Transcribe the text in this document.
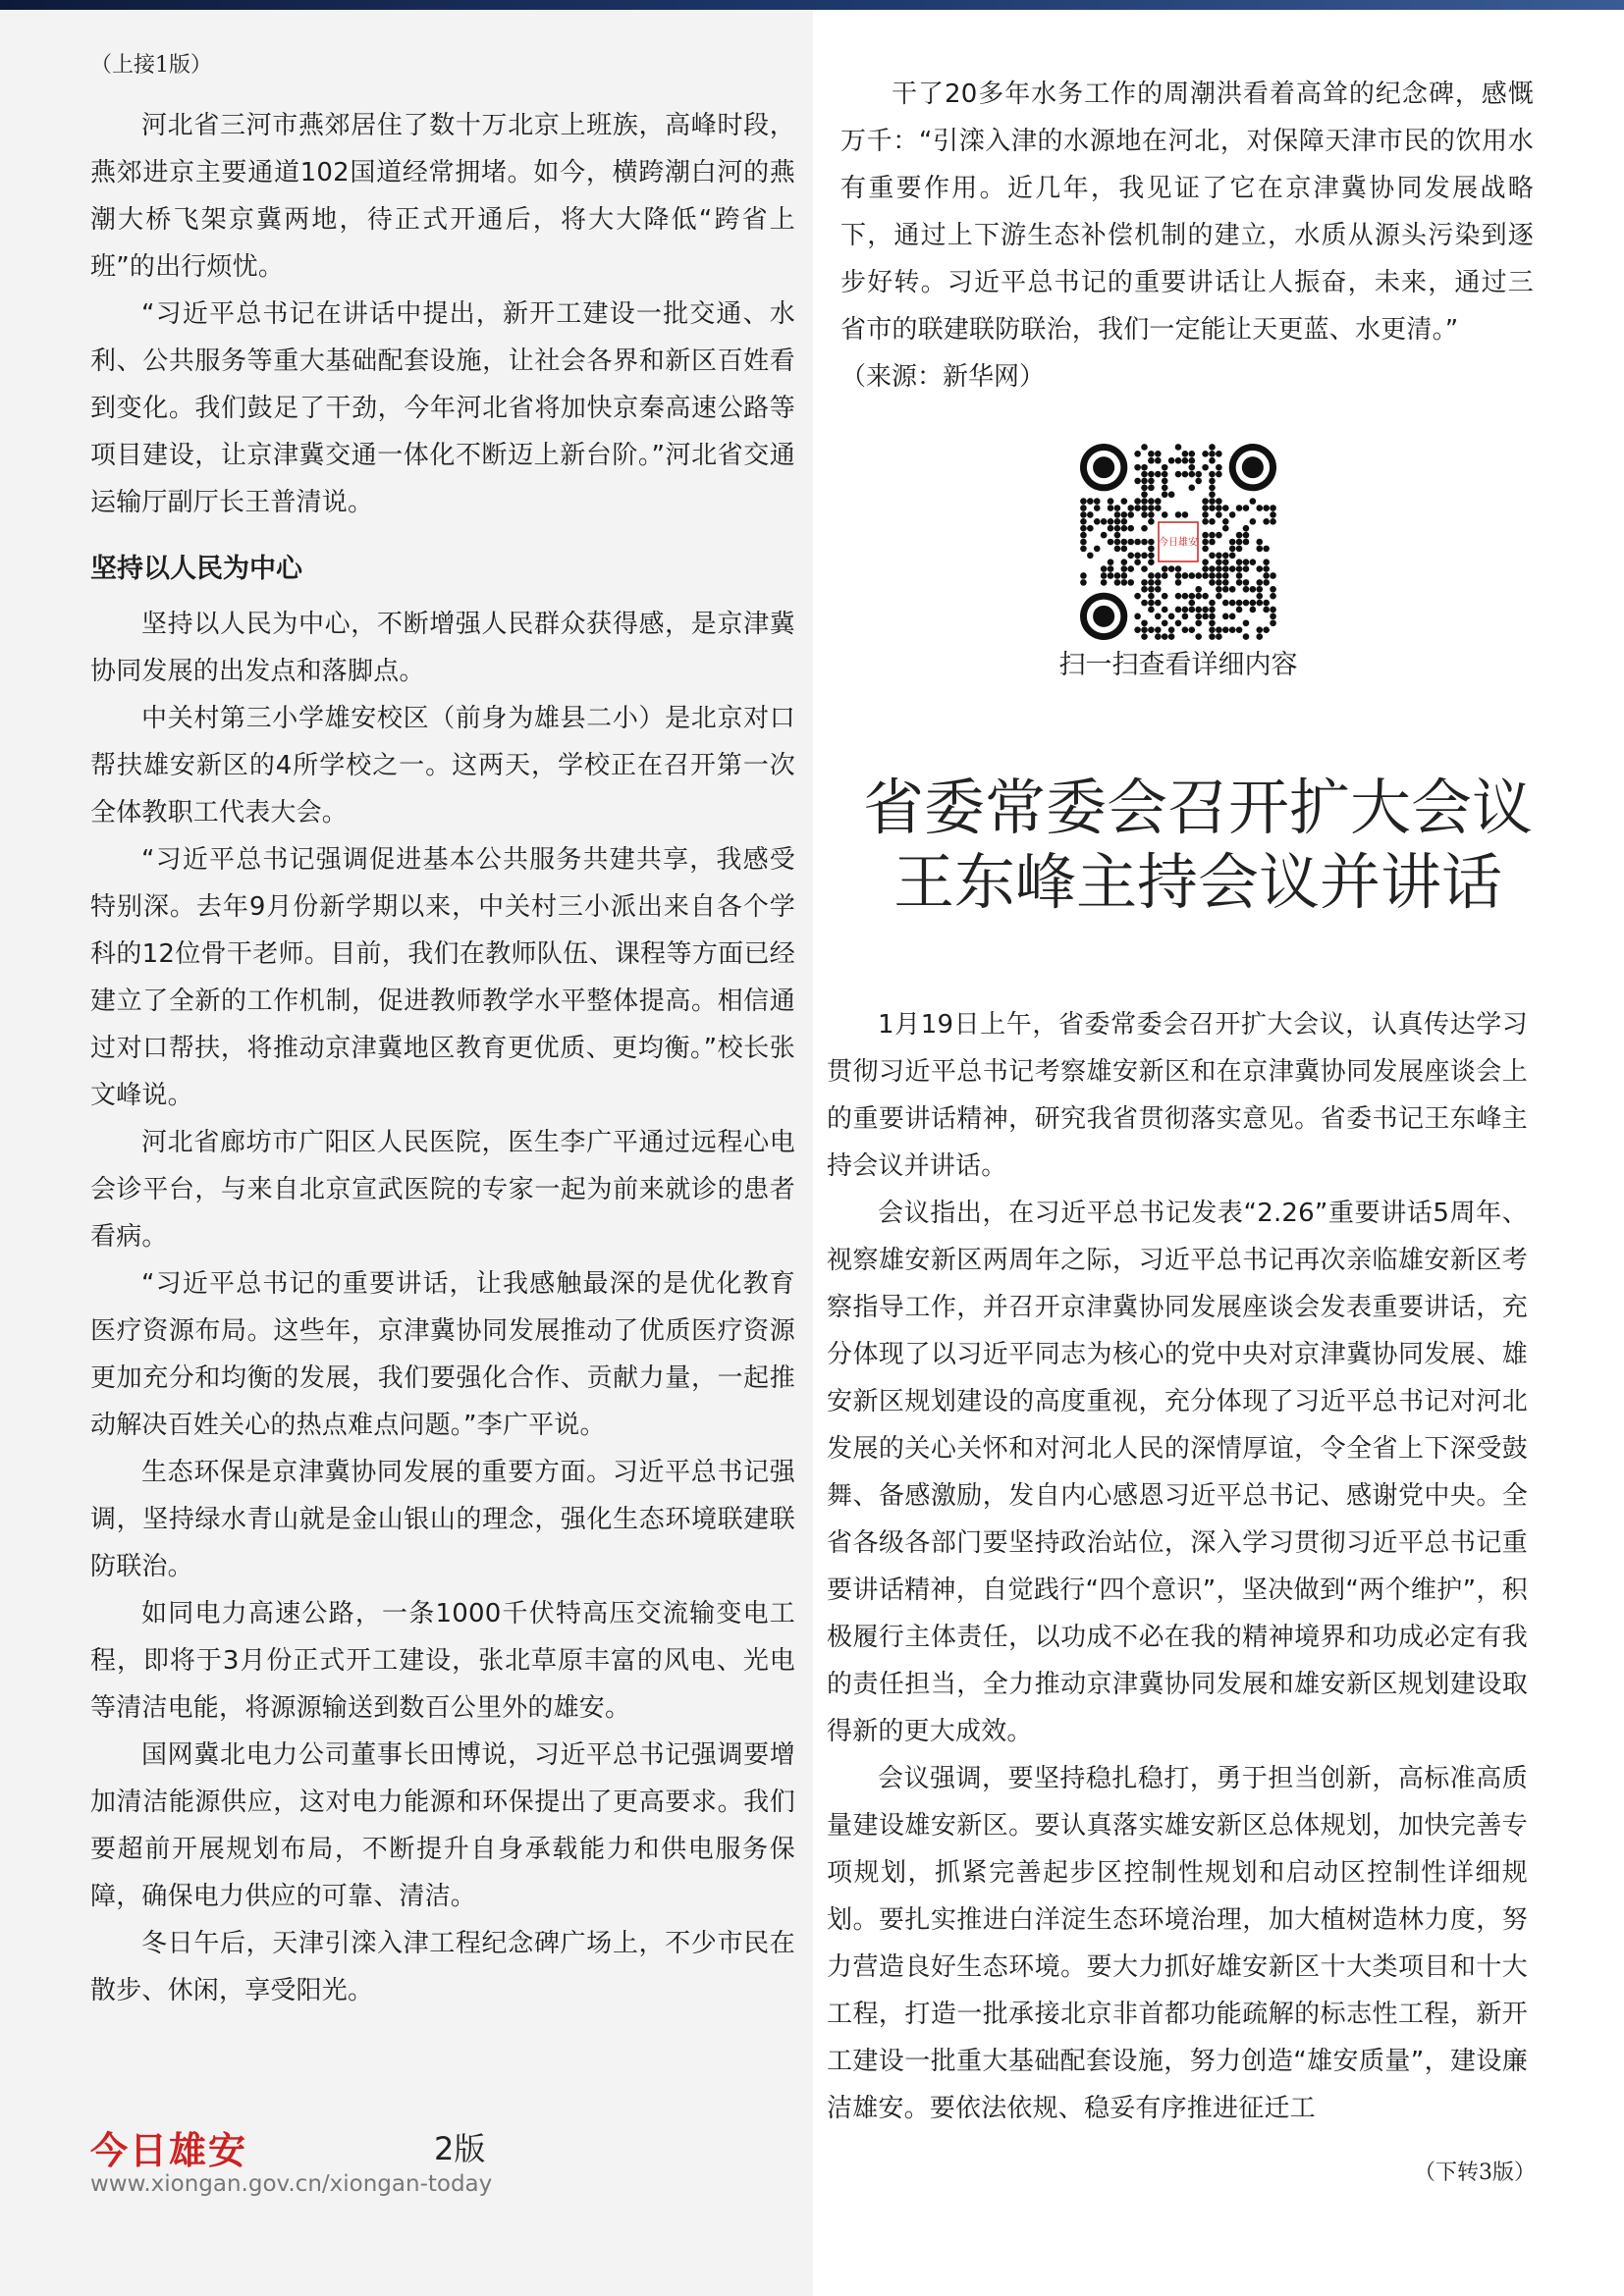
（上接1版）

河北省三河市燕郊居住了数十万北京上班族，高峰时段，燕郊进京主要通道102国道经常拥堵。如今，横跨潮白河的燕潮大桥飞架京冀两地，待正式开通后，将大大降低“跨省上班”的出行烦忧。

“习近平总书记在讲话中提出，新开工建设一批交通、水利、公共服务等重大基础配套设施，让社会各界和新区百姓看到变化。我们鼓足了干劲，今年河北省将加快京秦高速公路等项目建设，让京津冀交通一体化不断迈上新台阶。”河北省交通运输厅副厅长王普清说。

坚持以人民为中心

坚持以人民为中心，不断增强人民群众获得感，是京津冀协同发展的出发点和落脚点。

中关村第三小学雄安校区（前身为雄县二小）是北京对口帮扶雄安新区的4所学校之一。这两天，学校正在召开第一次全体教职工代表大会。

“习近平总书记强调促进基本公共服务共建共享，我感受特别深。去年9月份新学期以来，中关村三小派出来自各个学科的12位骨干老师。目前，我们在教师队伍、课程等方面已经建立了全新的工作机制，促进教师教学水平整体提高。相信通过对口帮扶，将推动京津冀地区教育更优质、更均衡。”校长张文峰说。

河北省廊坊市广阳区人民医院，医生李广平通过远程心电会诊平台，与来自北京宣武医院的专家一起为前来就诊的患者看病。

“习近平总书记的重要讲话，让我感触最深的是优化教育医疗资源布局。这些年，京津冀协同发展推动了优质医疗资源更加充分和均衡的发展，我们要强化合作、贡献力量，一起推动解决百姓关心的热点难点问题。”李广平说。

生态环保是京津冀协同发展的重要方面。习近平总书记强调，坚持绿水青山就是金山银山的理念，强化生态环境联建联防联治。

如同电力高速公路，一条1000千伏特高压交流输变电工程，即将于3月份正式开工建设，张北草原丰富的风电、光电等清洁电能，将源源输送到数百公里外的雄安。

国网冀北电力公司董事长田博说，习近平总书记强调要增加清洁能源供应，这对电力能源和环保提出了更高要求。我们要超前开展规划布局，不断提升自身承载能力和供电服务保障，确保电力供应的可靠、清洁。

冬日午后，天津引滦入津工程纪念碑广场上，不少市民在散步、休闲，享受阳光。

干了20多年水务工作的周潮洪看着高耸的纪念碑，感慨万千：“引滦入津的水源地在河北，对保障天津市民的饮用水有重要作用。近几年，我见证了它在京津冀协同发展战略下，通过上下游生态补偿机制的建立，水质从源头污染到逐步好转。习近平总书记的重要讲话让人振奋，未来，通过三省市的联建联防联治，我们一定能让天更蓝、水更清。”

（来源：新华网）

今日雄安
扫一扫查看详细内容
省委常委会召开扩大会议
王东峰主持会议并讲话

1月19日上午，省委常委会召开扩大会议，认真传达学习贯彻习近平总书记考察雄安新区和在京津冀协同发展座谈会上的重要讲话精神，研究我省贯彻落实意见。省委书记王东峰主持会议并讲话。

会议指出，在习近平总书记发表“2.26”重要讲话5周年、视察雄安新区两周年之际，习近平总书记再次亲临雄安新区考察指导工作，并召开京津冀协同发展座谈会发表重要讲话，充分体现了以习近平同志为核心的党中央对京津冀协同发展、雄安新区规划建设的高度重视，充分体现了习近平总书记对河北发展的关心关怀和对河北人民的深情厚谊，令全省上下深受鼓舞、备感激励，发自内心感恩习近平总书记、感谢党中央。全省各级各部门要坚持政治站位，深入学习贯彻习近平总书记重要讲话精神，自觉践行“四个意识”，坚决做到“两个维护”，积极履行主体责任，以功成不必在我的精神境界和功成必定有我的责任担当，全力推动京津冀协同发展和雄安新区规划建设取得新的更大成效。

会议强调，要坚持稳扎稳打，勇于担当创新，高标准高质量建设雄安新区。要认真落实雄安新区总体规划，加快完善专项规划，抓紧完善起步区控制性规划和启动区控制性详细规划。要扎实推进白洋淀生态环境治理，加大植树造林力度，努力营造良好生态环境。要大力抓好雄安新区十大类项目和十大工程，打造一批承接北京非首都功能疏解的标志性工程，新开工建设一批重大基础配套设施，努力创造“雄安质量”，建设廉洁雄安。要依法依规、稳妥有序推进征迁工

今日雄安	2版
www.xiongan.gov.cn/xiongan-today	（下转3版）
